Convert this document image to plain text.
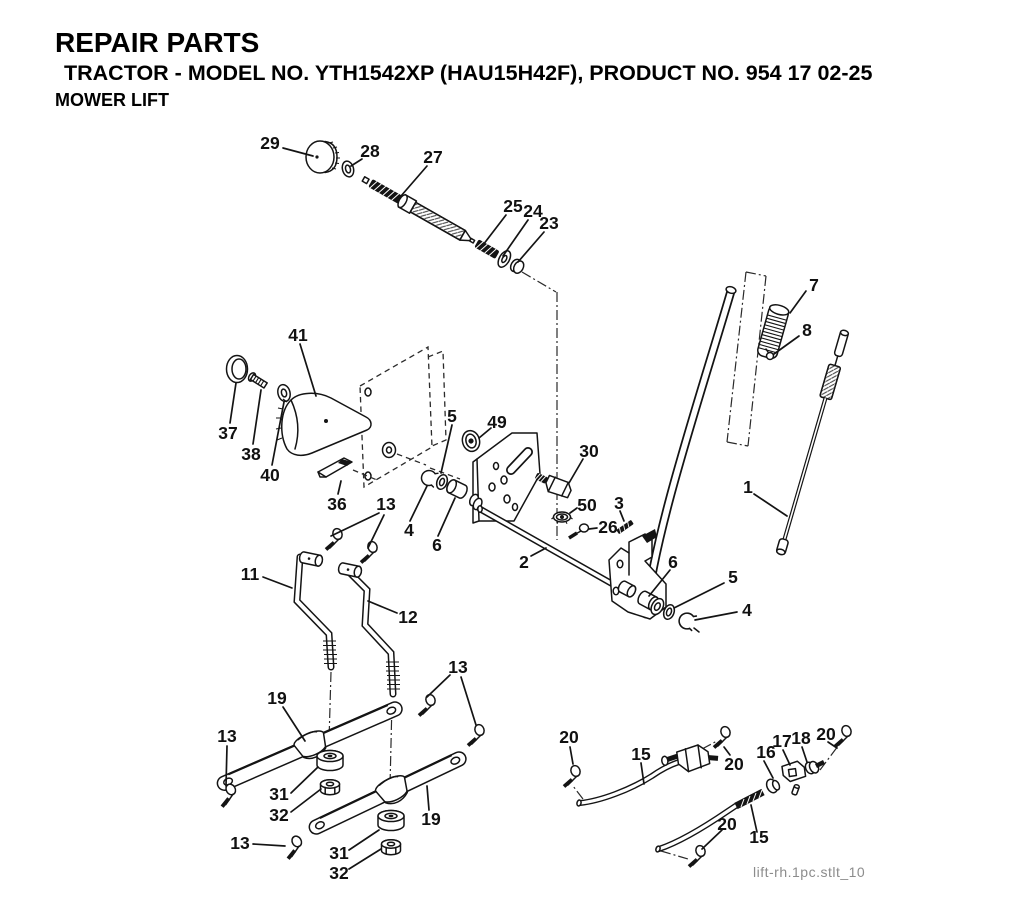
29	28 27
25 24
23
41
37
38
40
36 13
5 49
30
50
26
3
2
7
8
1
11
12
4
6
6
5
4
19
13
31
32	19
13	31
32
13
20
15	20
16
17 18 20
20
15
REPAIR PARTS
TRACTOR - MODEL NO. YTH1542XP (HAU15H42F), PRODUCT NO. 954 17 02-25
MOWER LIFT
lift-rh.1pc.stlt_10
